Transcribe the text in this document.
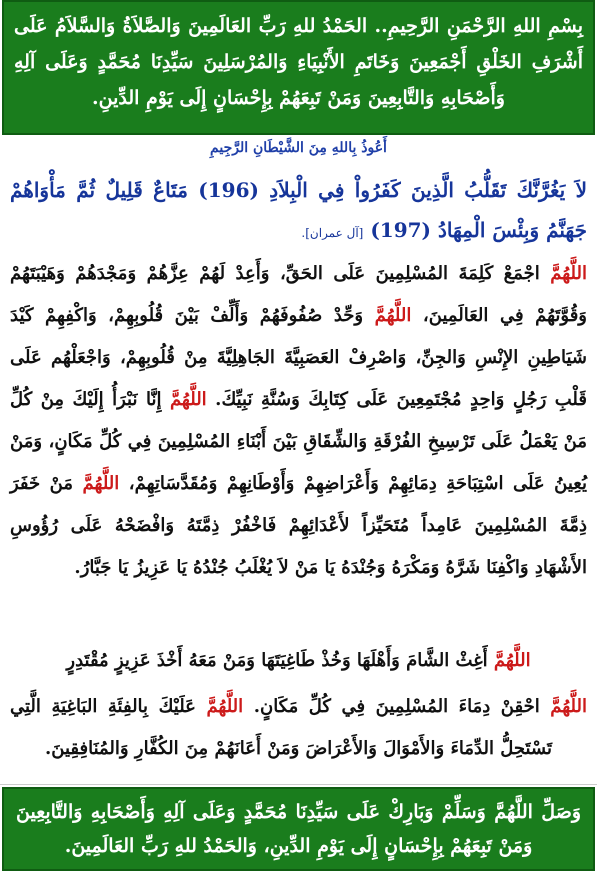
بِسْمِ اللهِ الرَّحْمَنِ الرَّحِيمِ.. الحَمْدُ للهِ رَبِّ العَالَمِينَ وَالصَّلاَةُ وَالسَّلاَمُ عَلَى أَشْرَفِ الخَلْقِ أَجْمَعِينَ وَخَاتَمِ الأَنْبِيَاءِ وَالمُرْسَلِينَ سَيِّدِنَا مُحَمَّدٍ وَعَلَى آلِهِ وَأَصْحَابِهِ وَالتَّابِعِينَ وَمَنْ تَبِعَهُمْ بِإِحْسَانٍ إِلَى يَوْمِ الدِّينِ.
أَعُوذُ بِاللهِ مِنَ الشَّيْطَانِ الرَّجِيمِ
لاَ يَغُرَّنَّكَ تَقَلُّبُ الَّذِينَ كَفَرُواْ فِي الْبِلاَدِ (196) مَتَاعٌ قَلِيلٌ ثُمَّ مَأْوَاهُمْ جَهَنَّمُ وَبِئْسَ الْمِهَادُ (197) [آل عمران].
اللَّهُمَّ اجْمَعْ كَلِمَةَ المُسْلِمِينَ عَلَى الحَقِّ، وَأَعِدْ لَهُمْ عِزَّهُمْ وَمَجْدَهُمْ وَهَيْبَتَهُمْ وَقُوَّتَهُمْ فِي العَالَمِينَ، اللَّهُمَّ وَحِّدْ صُفُوفَهُمْ وَأَلِّفْ بَيْنَ قُلُوبِهِمْ، وَاكْفِهِمْ كَيْدَ شَيَاطِينِ الإِنْسِ وَالجِنِّ، وَاصْرِفْ العَصَبِيَّةَ الجَاهِلِيَّةَ مِنْ قُلُوبِهِمْ، وَاجْعَلْهُم عَلَى قَلْبِ رَجُلٍ وَاحِدٍ مُجْتَمِعِينَ عَلَى كِتَابِكَ وَسُنَّةِ نَبِيِّكَ. اللَّهُمَّ إِنَّا نَبْرَأُ إِلَيْكَ مِنْ كُلِّ مَنْ يَعْمَلُ عَلَى تَرْسِيخِ الفُرْقَةِ وَالشِّقَاقِ بَيْنَ أَبْنَاءِ المُسْلِمِينَ فِي كُلِّ مَكَانٍ، وَمَنْ يُعِينُ عَلَى اسْتِبَاحَةِ دِمَائِهِمْ وَأَعْرَاضِهِمْ وَأَوْطَانِهِمْ وَمُقَدَّسَاتِهِمْ، اللَّهُمَّ مَنْ خَفَرَ ذِمَّةَ المُسْلِمِينَ عَامِداً مُتَحَيِّزاً لأَعْدَائِهِمْ فَاخْفُرْ ذِمَّتَهُ وَافْضَحْهُ عَلَى رُؤُوسِ الأَشْهَادِ وَاكْفِنَا شَرَّهُ وَمَكْرَهُ وَجُنْدَهُ يَا مَنْ لاَ يُغْلَبُ جُنْدُهُ يَا عَزِيزُ يَا جَبَّارُ.
اللَّهُمَّ أَغِثْ الشَّامَ وَأَهْلَهَا وَخُذْ طَاغِيَتَهَا وَمَنْ مَعَهُ أَخْذَ عَزِيزٍ مُقْتَدِرٍ
اللَّهُمَّ احْقِنْ دِمَاءَ المُسْلِمِينَ فِي كُلِّ مَكَانٍ. اللَّهُمَّ عَلَيْكَ بِالفِئَةِ البَاغِيَةِ الَّتِي تَسْتَحِلُّ الدِّمَاءَ وَالأَمْوَالَ وَالأَعْرَاضَ وَمَنْ أَعَانَهُمْ مِنَ الكُفَّارِ وَالمُنَافِقِينَ.
وَصَلِّ اللَّهُمَّ وَسَلِّمْ وَبَارِكْ عَلَى سَيِّدِنَا مُحَمَّدٍ وَعَلَى آلِهِ وَأَصْحَابِهِ وَالتَّابِعِينَ وَمَنْ تَبِعَهُمْ بِإِحْسَانٍ إِلَى يَوْمِ الدِّينِ، وَالحَمْدُ للهِ رَبِّ العَالَمِينَ.
